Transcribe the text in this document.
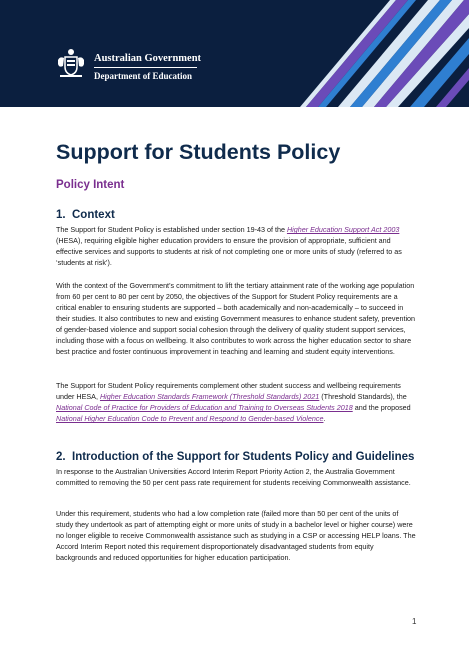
Australian Government
Department of Education
Support for Students Policy
Policy Intent
1. Context

The Support for Student Policy is established under section 19-43 of the Higher Education Support Act 2003 (HESA), requiring eligible higher education providers to ensure the provision of appropriate, sufficient and effective services and supports to students at risk of not completing one or more units of study (referred to as ‘students at risk’).

With the context of the Government’s commitment to lift the tertiary attainment rate of the working age population from 60 per cent to 80 per cent by 2050, the objectives of the Support for Student Policy requirements are a critical enabler to ensuring students are supported – both academically and non-academically – to succeed in their studies. It also contributes to new and existing Government measures to enhance student safety, prevention of gender-based violence and support social cohesion through the delivery of quality student support services, including those with a focus on wellbeing. It also contributes to work across the higher education sector to share best practice and foster continuous improvement in teaching and learning and student equity interventions.

The Support for Student Policy requirements complement other student success and wellbeing requirements under HESA, Higher Education Standards Framework (Threshold Standards) 2021 (Threshold Standards), the National Code of Practice for Providers of Education and Training to Overseas Students 2018 and the proposed National Higher Education Code to Prevent and Respond to Gender-based Violence.

2. Introduction of the Support for Students Policy and Guidelines

In response to the Australian Universities Accord Interim Report Priority Action 2, the Australia Government committed to removing the 50 per cent pass rate requirement for students receiving Commonwealth assistance.

Under this requirement, students who had a low completion rate (failed more than 50 per cent of the units of study they undertook as part of attempting eight or more units of study in a bachelor level or higher course) were no longer eligible to receive Commonwealth assistance such as studying in a CSP or accessing HELP loans. The Accord Interim Report noted this requirement disproportionately disadvantaged students from equity backgrounds and reduced opportunities for higher education participation.

1
